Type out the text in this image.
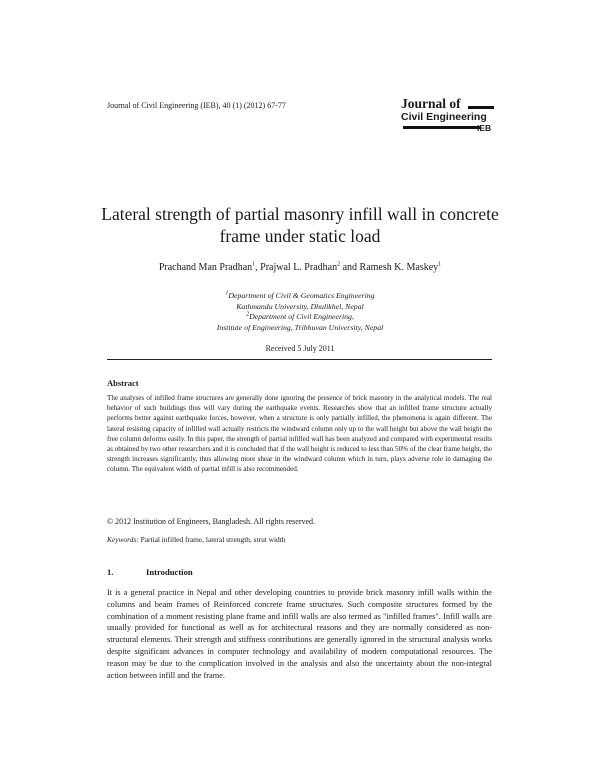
Journal of Civil Engineering (IEB), 40 (1) (2012) 67-77	Journal of
Civil Engineering
IEB
Lateral strength of partial masonry infill wall in concrete frame under static load
Prachand Man Pradhan$^1$, Prajwal L. Pradhan$^2$ and Ramesh K. Maskey$^1$
$^1$Department of Civil & Geomatics Engineering
Kathmandu University, Dhulikhel, Nepal
$^2$Department of Civil Engineering,
Institute of Engineering, Tribhuvan University, Nepal
Received 5 July 2011
Abstract
The analyses of infilled frame structures are generally done ignoring the presence of brick masonry in the analytical models. The real behavior of such buildings thus will vary during the earthquake events. Researches show that an infilled frame structure actually performs better against earthquake forces, however, when a structure is only partially infilled, the phenomena is again different. The lateral resisting capacity of infilled wall actually restricts the windward column only up to the wall height but above the wall height the free column deforms easily. In this paper, the strength of partial infilled wall has been analyzed and compared with experimental results as obtained by two other researchers and it is concluded that if the wall height is reduced to less than 50% of the clear frame height, the strength increases significantly, thus allowing more shear in the windward column which in turn, plays adverse role in damaging the column. The equivalent width of partial infill is also recommended.
© 2012 Institution of Engineers, Bangladesh. All rights reserved.
Keywords: Partial infilled frame, lateral strength, strut width
1.	Introduction
It is a general practice in Nepal and other developing countries to provide brick masonry infill walls within the columns and beam frames of Reinforced concrete frame structures. Such composite structures formed by the combination of a moment resisting plane frame and infill walls are also termed as "infilled frames". Infill walls are usually provided for functional as well as for architectural reasons and they are normally considered as non-structural elements. Their strength and stiffness contributions are generally ignored in the structural analysis works despite significant advances in computer technology and availability of modern computational resources. The reason may be due to the complication involved in the analysis and also the uncertainty about the non-integral action between infill and the frame.
